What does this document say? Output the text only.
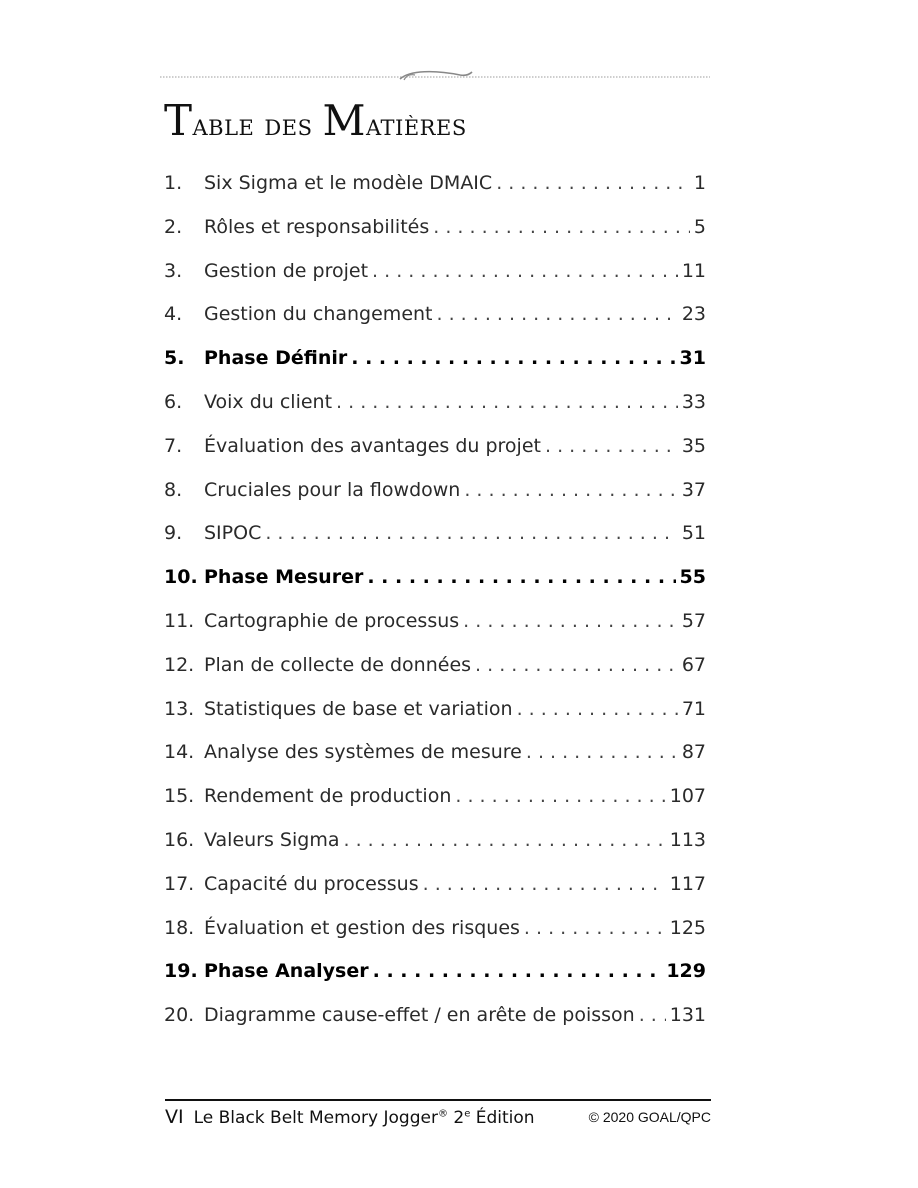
Table des Matières
1.	Six Sigma et le modèle DMAIC . . .	1
2.	Rôles et responsabilités . . .	5
3.	Gestion de projet . . .	11
4.	Gestion du changement . . .	23
5.	Phase Définir . . .	31
6.	Voix du client . . .	33
7.	Évaluation des avantages du projet . . .	35
8.	Cruciales pour la flowdown . . .	37
9.	SIPOC . . .	51
10. Phase Mesurer . . .	55
11. Cartographie de processus . . .	57
12. Plan de collecte de données . . .	67
13. Statistiques de base et variation . . .	71
14. Analyse des systèmes de mesure . . .	87
15. Rendement de production . . .	107
16. Valeurs Sigma . . .	113
17. Capacité du processus . . .	117
18. Évaluation et gestion des risques . . .	125
19. Phase Analyser . . .	129
20. Diagramme cause-effet / en arête de poisson . . . 131
VI Le Black Belt Memory Jogger® 2e Édition	© 2020 GOAL/QPC
